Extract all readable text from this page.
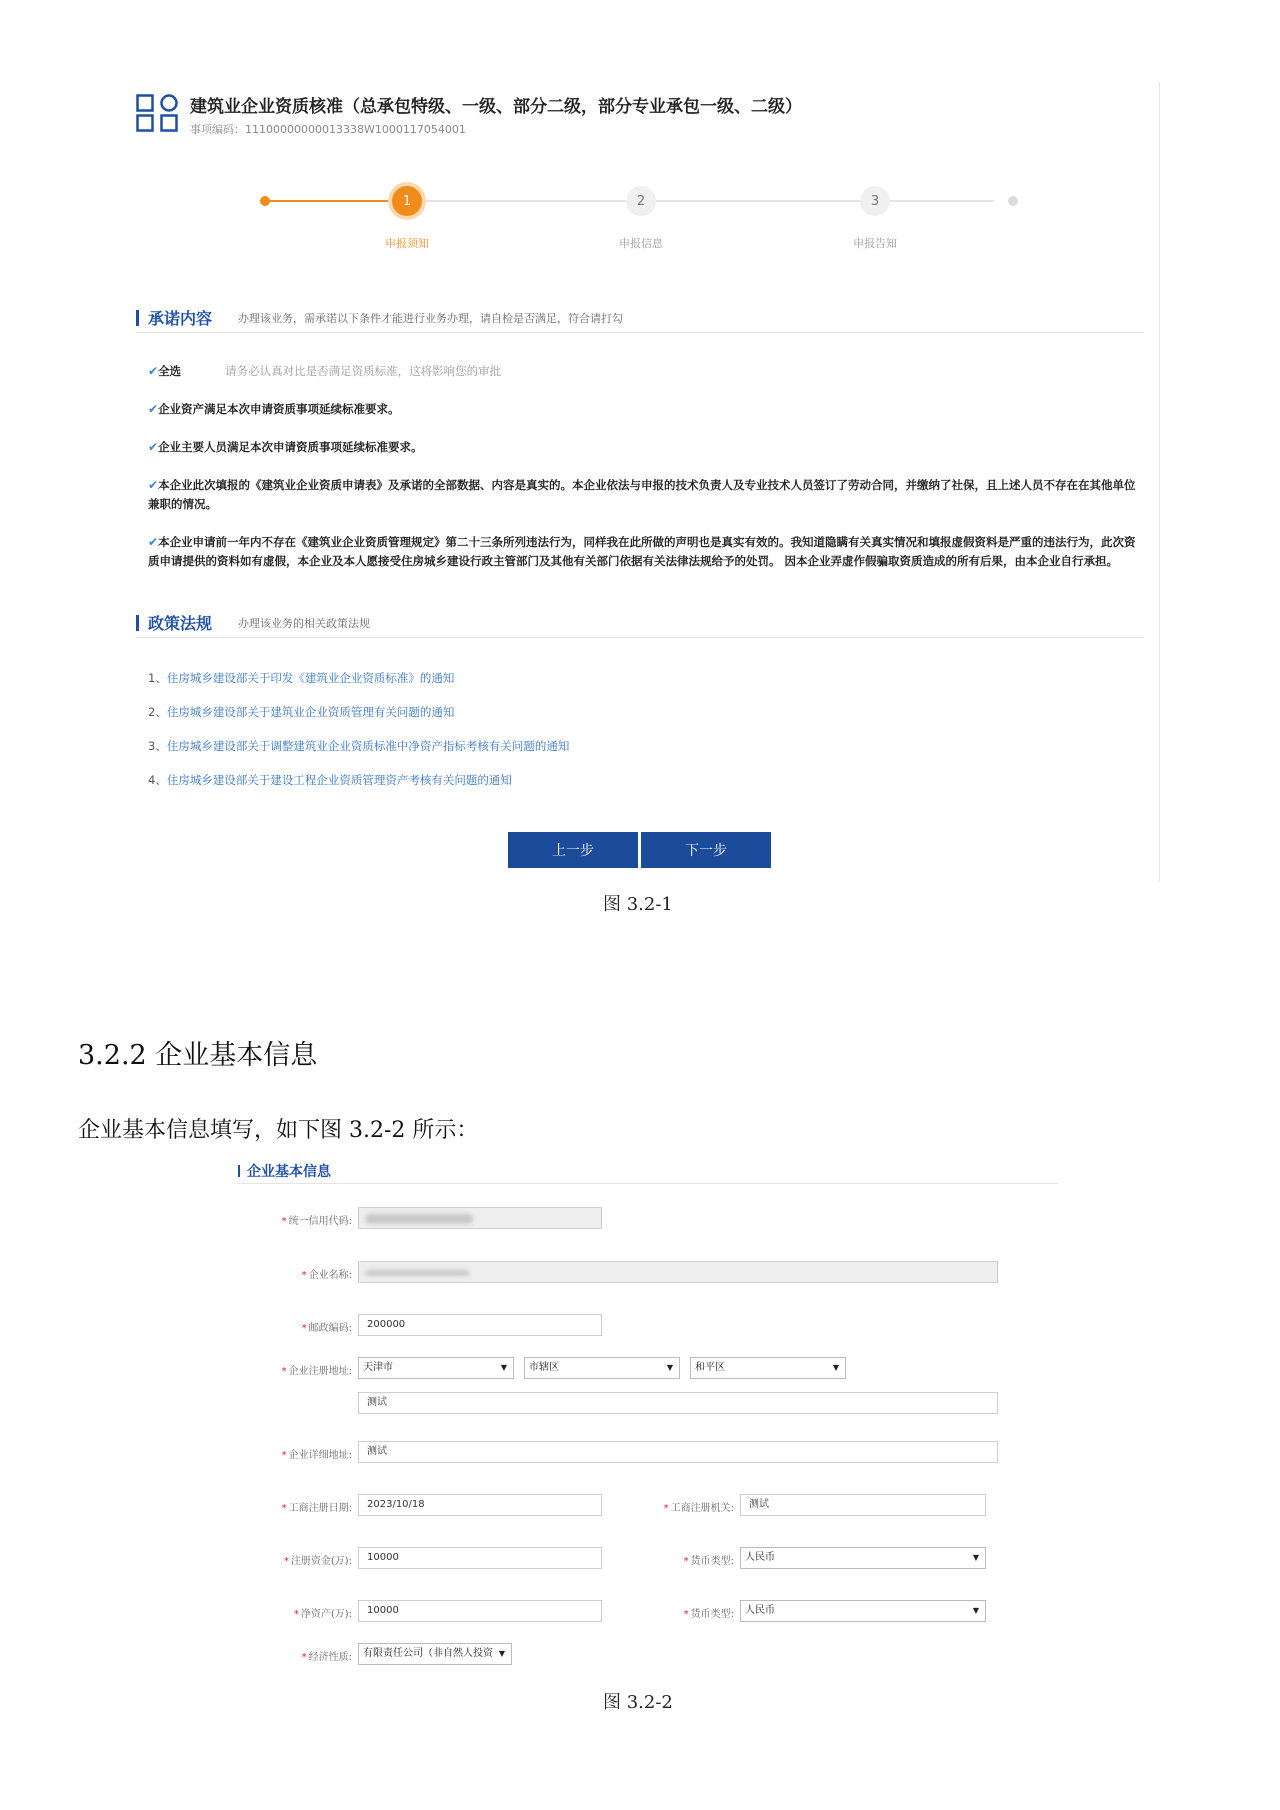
建筑业企业资质核准（总承包特级、一级、部分二级，部分专业承包一级、二级）
事项编码：11100000000013338W1000117054001
1	2	3
申报须知	申报信息	申报告知
承诺内容 办理该业务，需承诺以下条件才能进行业务办理，请自检是否满足，符合请打勾
✔全选	请务必认真对比是否满足资质标准，这将影响您的审批
✔企业资产满足本次申请资质事项延续标准要求。
✔企业主要人员满足本次申请资质事项延续标准要求。
✔本企业此次填报的《建筑业企业资质申请表》及承诺的全部数据、内容是真实的。本企业依法与申报的技术负责人及专业技术人员签订了劳动合同，并缴纳了社保，且上述人员不存在在其他单位兼职的情况。
✔本企业申请前一年内不存在《建筑业企业资质管理规定》第二十三条所列违法行为，同样我在此所做的声明也是真实有效的。我知道隐瞒有关真实情况和填报虚假资料是严重的违法行为，此次资质申请提供的资料如有虚假，本企业及本人愿接受住房城乡建设行政主管部门及其他有关部门依据有关法律法规给予的处罚。 因本企业弄虚作假骗取资质造成的所有后果，由本企业自行承担。
政策法规 办理该业务的相关政策法规
1、住房城乡建设部关于印发《建筑业企业资质标准》的通知
2、住房城乡建设部关于建筑业企业资质管理有关问题的通知
3、住房城乡建设部关于调整建筑业企业资质标准中净资产指标考核有关问题的通知
4、住房城乡建设部关于建设工程企业资质管理资产考核有关问题的通知
上一步	下一步
图 3.2-1
3.2.2 企业基本信息
企业基本信息填写，如下图 3.2-2 所示：
企业基本信息
* 统一信用代码:
* 企业名称:
* 邮政编码:	200000
* 企业注册地址:	天津市	▼	市辖区	▼	和平区	▼
测试
* 企业详细地址:	测试
* 工商注册日期:	2023/10/18	* 工商注册机关:	测试
* 注册资金(万):	10000	* 货币类型:	人民币	▼
* 净资产(万):	10000	* 货币类型:	人民币	▼
* 经济性质:	有限责任公司（非自然人投资 ▼
图 3.2-2
